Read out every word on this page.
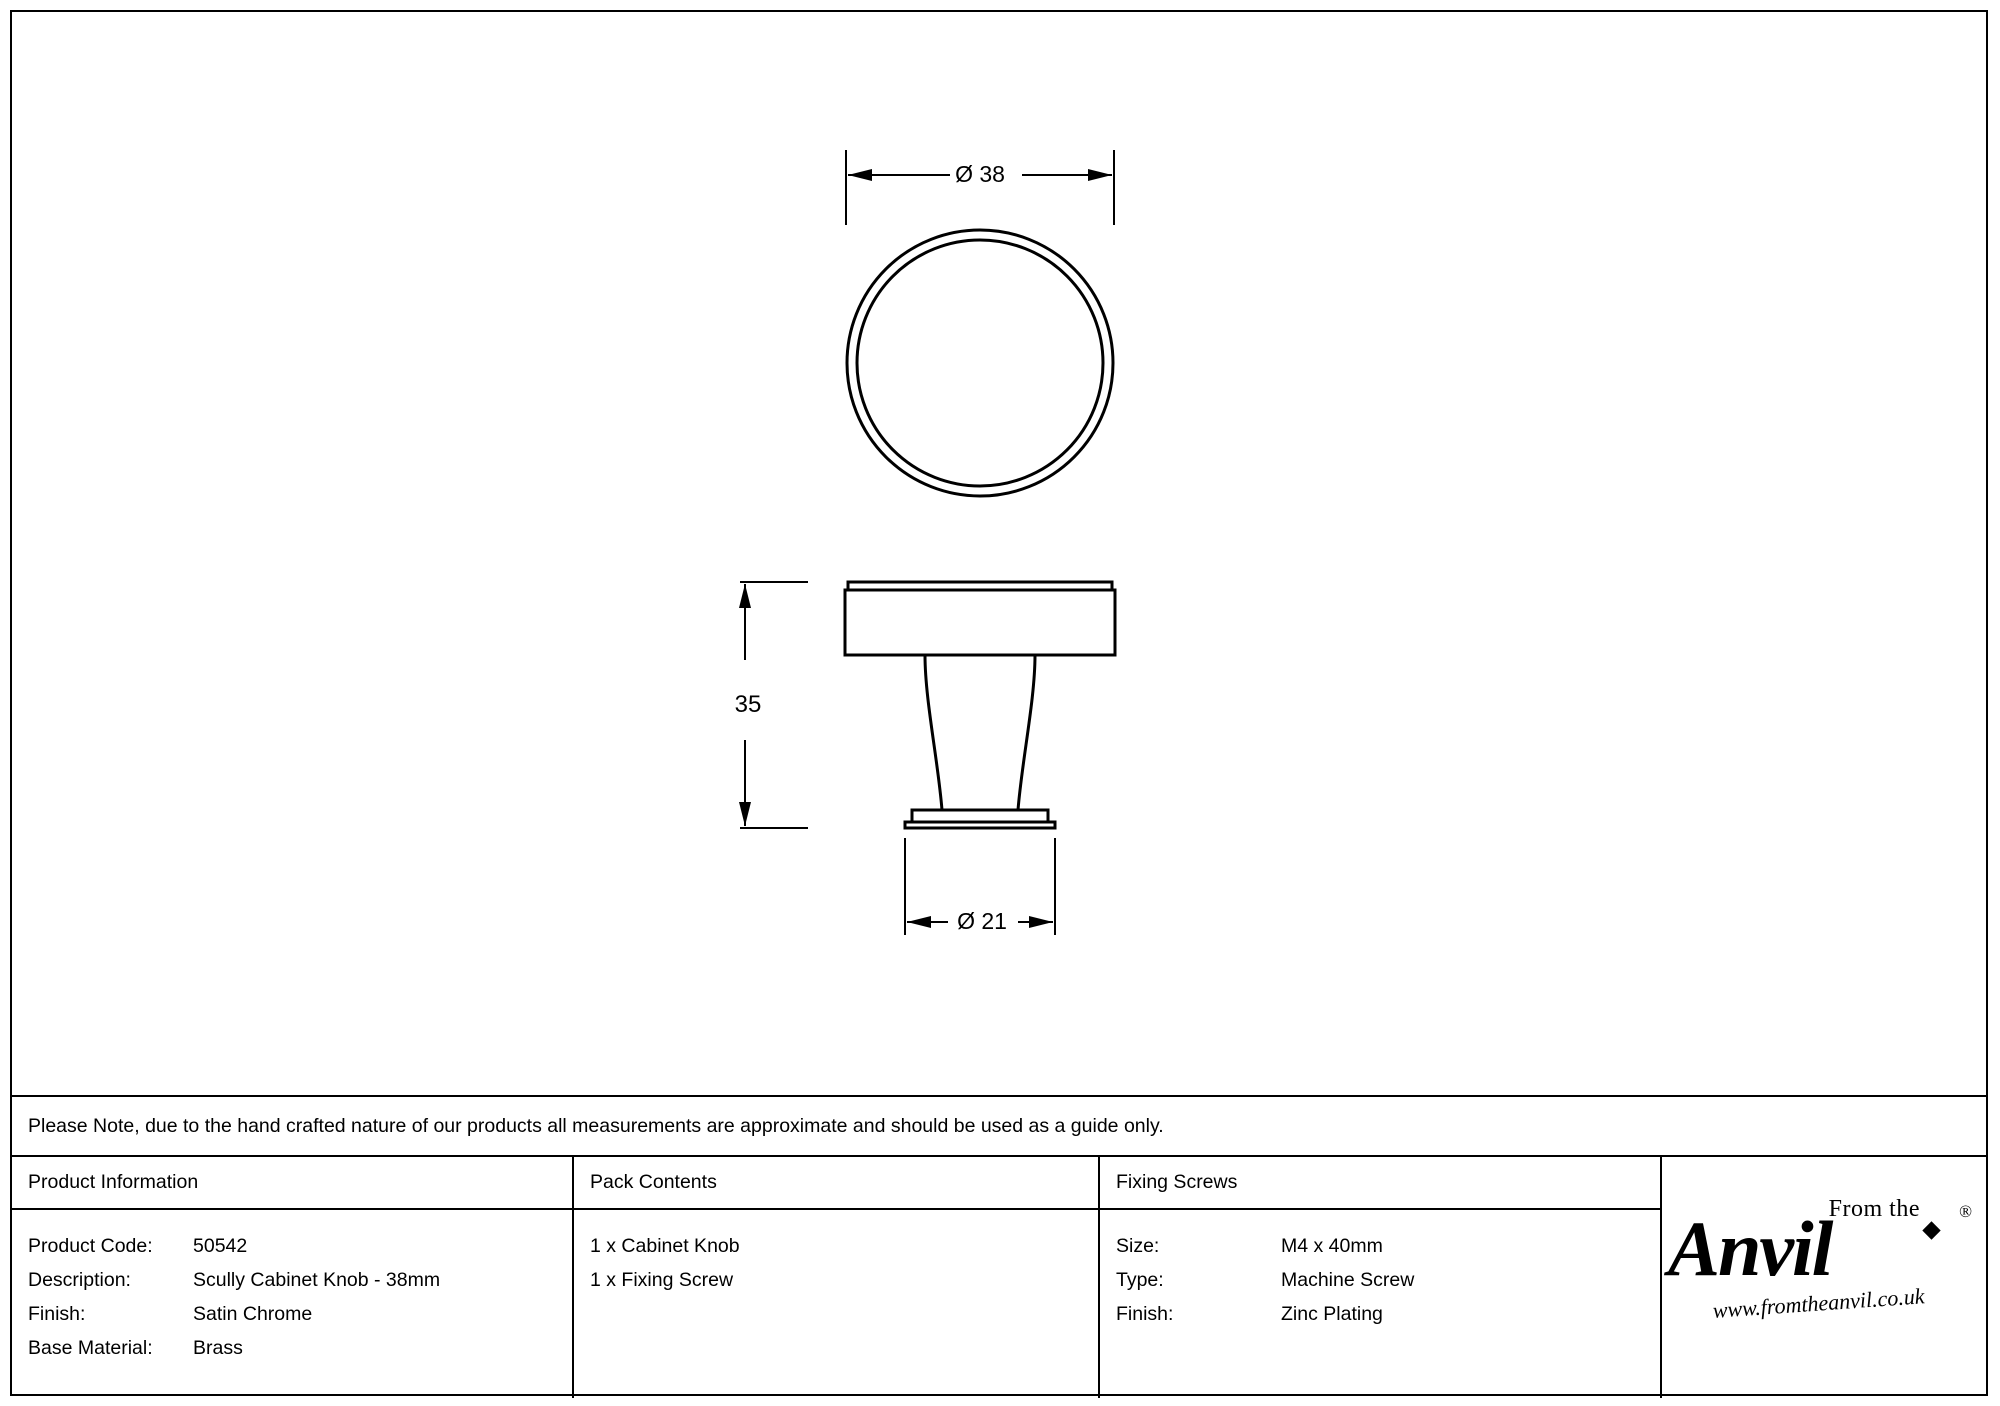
Ø 38
35
Ø 21
Please Note, due to the hand crafted nature of our products all measurements are approximate and should be used as a guide only.
Product Information	Pack Contents	Fixing Screws
Product Code: 50542
Description:	Scully Cabinet Knob - 38mm
Finish:	Satin Chrome
Base Material: Brass
1 x Cabinet Knob
1 x Fixing Screw
Size:	M4 x 40mm
Type:	Machine Screw
Finish:	Zinc Plating
From the ®
Anvil
www.fromtheanvil.co.uk
